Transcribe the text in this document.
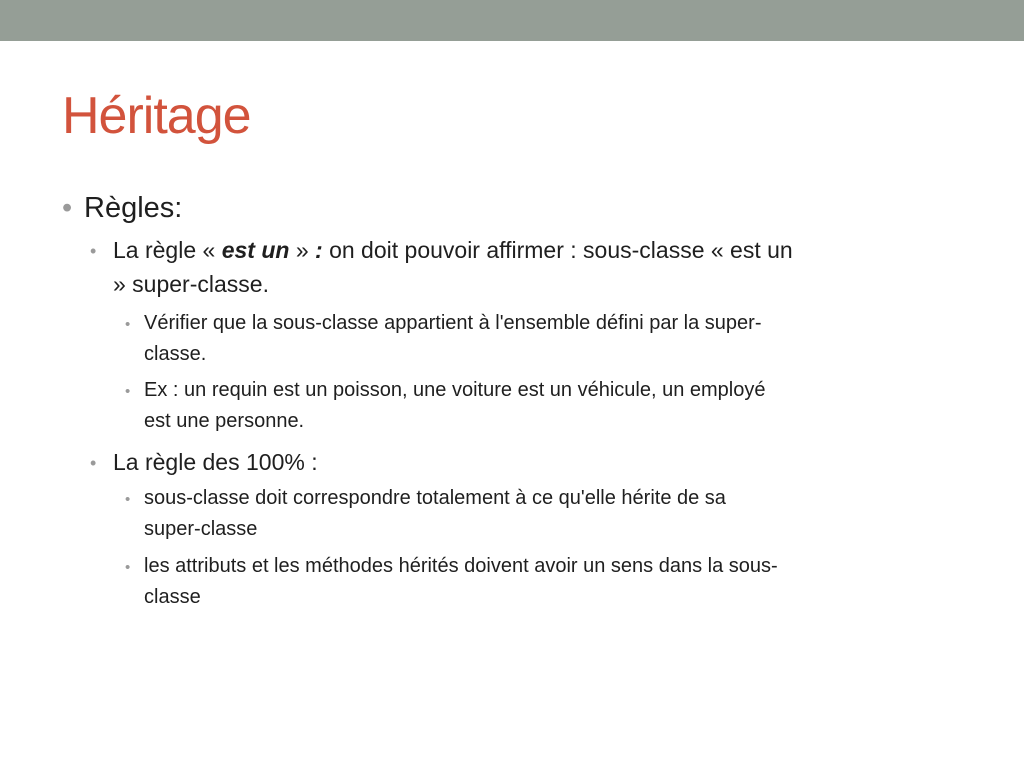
Héritage
• Règles:

• La règle « est un » : on doit pouvoir affirmer : sous-classe « est un

» super-classe.

• Vérifier que la sous-classe appartient à l'ensemble défini par la super-

classe.

• Ex : un requin est un poisson, une voiture est un véhicule, un employé

est une personne.

• La règle des 100% :

• sous-classe doit correspondre totalement à ce qu'elle hérite de sa

super-classe

• les attributs et les méthodes hérités doivent avoir un sens dans la sous-

classe
